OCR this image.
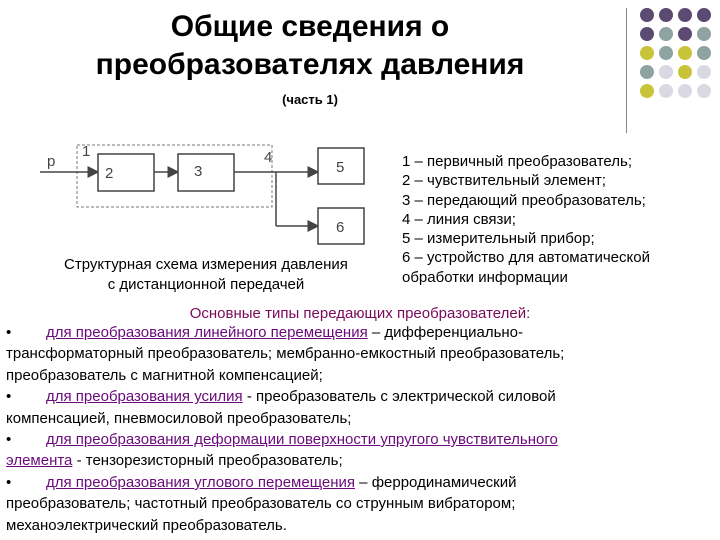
Общие сведения о
преобразователях давления
(часть 1)
p
1
2	3
4
5
6
Структурная схема измерения давления
с дистанционной передачей
1 – первичный преобразователь;
2 – чувствительный элемент;
3 – передающий преобразователь;
4 – линия связи;
5 – измерительный прибор;
6 – устройство для автоматической
обработки информации
Основные типы передающих преобразователей:

• для преобразования линейного перемещения – дифференциально-

трансформаторный преобразователь; мембранно-емкостный преобразователь;

преобразователь с магнитной компенсацией;

• для преобразования усилия - преобразователь с электрической силовой

компенсацией, пневмосиловой преобразователь;

• для преобразования деформации поверхности упругого чувствительного

элемента - тензорезисторный преобразователь;

• для преобразования углового перемещения – ферродинамический

преобразователь; частотный преобразователь со струнным вибратором;

механоэлектрический преобразователь.
